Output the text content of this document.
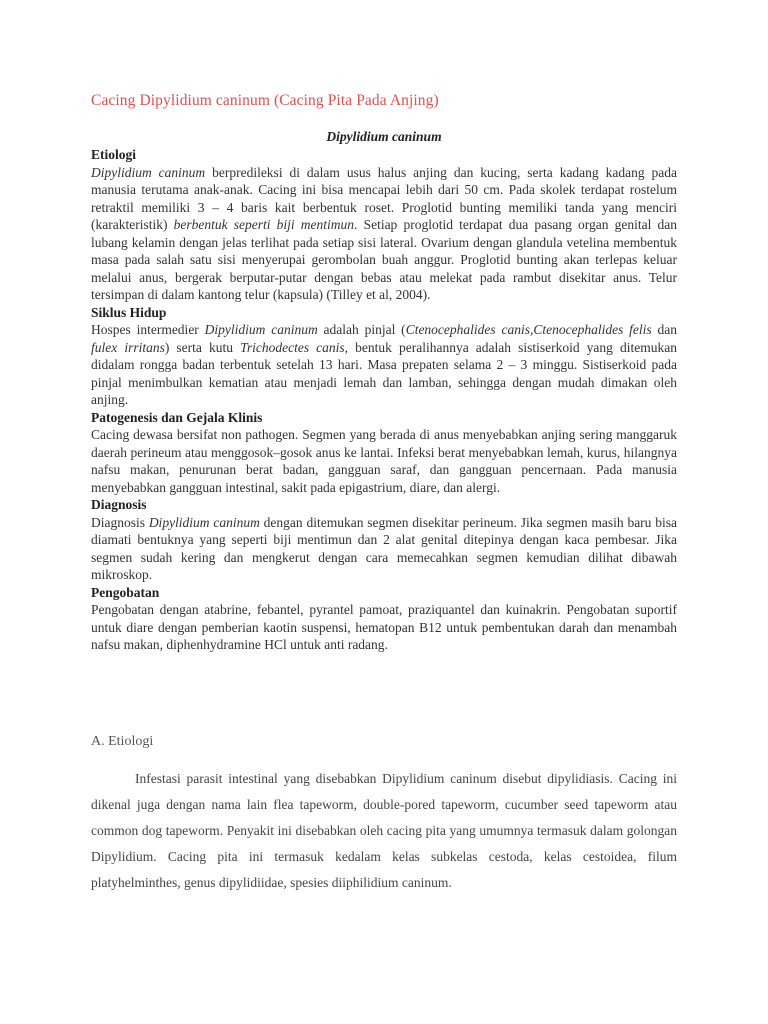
Cacing Dipylidium caninum (Cacing Pita Pada Anjing)
Dipylidium caninum
Etiologi
Dipylidium caninum berpredileksi di dalam usus halus anjing dan kucing, serta kadang kadang pada manusia terutama anak-anak. Cacing ini bisa mencapai lebih dari 50 cm. Pada skolek terdapat rostelum retraktil memiliki 3 – 4 baris kait berbentuk roset. Proglotid bunting memiliki tanda yang menciri (karakteristik) berbentuk seperti biji mentimun. Setiap proglotid terdapat dua pasang organ genital dan lubang kelamin dengan jelas terlihat pada setiap sisi lateral. Ovarium dengan glandula vetelina membentuk masa pada salah satu sisi menyerupai gerombolan buah anggur. Proglotid bunting akan terlepas keluar melalui anus, bergerak berputar-putar dengan bebas atau melekat pada rambut disekitar anus. Telur tersimpan di dalam kantong telur (kapsula) (Tilley et al, 2004).
Siklus Hidup
Hospes intermedier Dipylidium caninum adalah pinjal (Ctenocephalides canis,Ctenocephalides felis dan fulex irritans) serta kutu Trichodectes canis, bentuk peralihannya adalah sistiserkoid yang ditemukan didalam rongga badan terbentuk setelah 13 hari. Masa prepaten selama 2 – 3 minggu. Sistiserkoid pada pinjal menimbulkan kematian atau menjadi lemah dan lamban, sehingga dengan mudah dimakan oleh anjing.
Patogenesis dan Gejala Klinis
Cacing dewasa bersifat non pathogen. Segmen yang berada di anus menyebabkan anjing sering manggaruk daerah perineum atau menggosok–gosok anus ke lantai. Infeksi berat menyebabkan lemah, kurus, hilangnya nafsu makan, penurunan berat badan, gangguan saraf, dan gangguan pencernaan. Pada manusia menyebabkan gangguan intestinal, sakit pada epigastrium, diare, dan alergi.
Diagnosis
Diagnosis Dipylidium caninum dengan ditemukan segmen disekitar perineum. Jika segmen masih baru bisa diamati bentuknya yang seperti biji mentimun dan 2 alat genital ditepinya dengan kaca pembesar. Jika segmen sudah kering dan mengkerut dengan cara memecahkan segmen kemudian dilihat dibawah mikroskop.
Pengobatan
Pengobatan dengan atabrine, febantel, pyrantel pamoat, praziquantel dan kuinakrin. Pengobatan suportif untuk diare dengan pemberian kaotin suspensi, hematopan B12 untuk pembentukan darah dan menambah nafsu makan, diphenhydramine HCl untuk anti radang.
A. Etiologi
Infestasi parasit intestinal yang disebabkan Dipylidium caninum disebut dipylidiasis. Cacing ini dikenal juga dengan nama lain flea tapeworm, double-pored tapeworm, cucumber seed tapeworm atau common dog tapeworm. Penyakit ini disebabkan oleh cacing pita yang umumnya termasuk dalam golongan Dipylidium. Cacing pita ini termasuk kedalam kelas subkelas cestoda, kelas cestoidea, filum platyhelminthes, genus dipylidiidae, spesies diiphilidium caninum.
